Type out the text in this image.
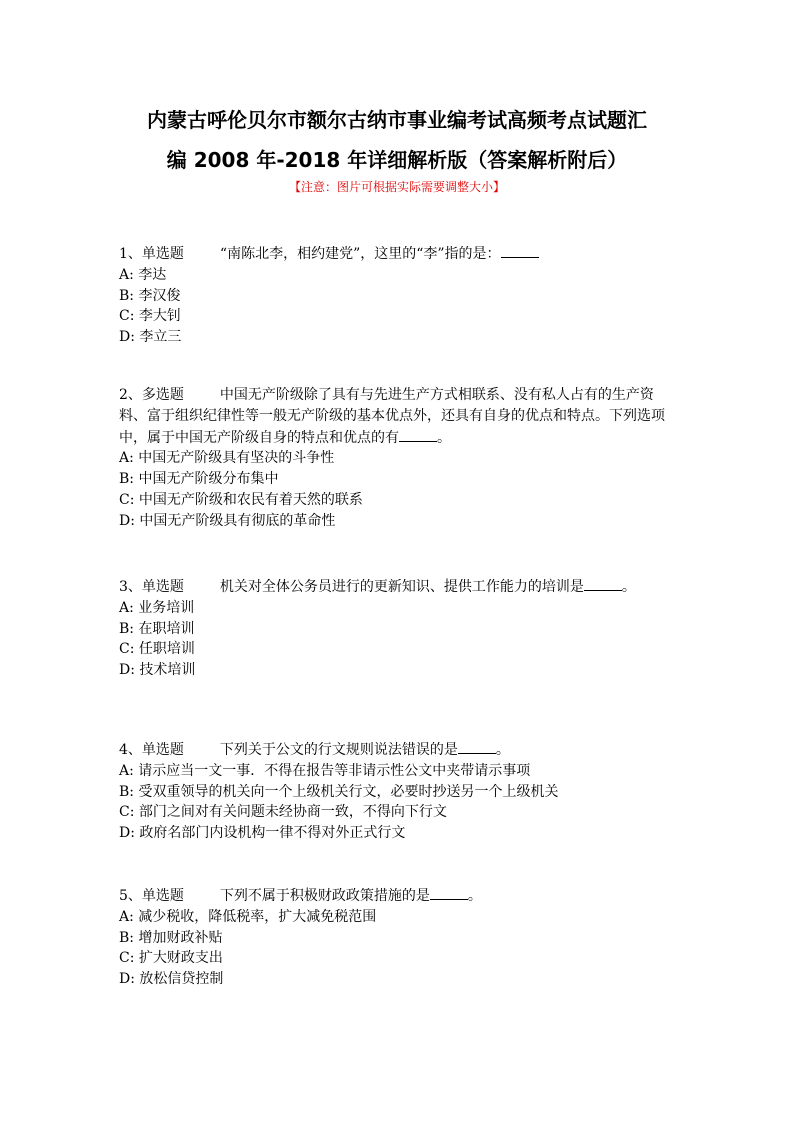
内蒙古呼伦贝尔市额尔古纳市事业编考试高频考点试题汇
编 2008 年-2018 年详细解析版（答案解析附后）
【注意：图片可根据实际需要调整大小】
1、单选题	“南陈北李，相约建党”，这里的“李”指的是：
A: 李达
B: 李汉俊
C: 李大钊
D: 李立三
2、多选题	中国无产阶级除了具有与先进生产方式相联系、没有私人占有的生产资料、富于组织纪律性等一般无产阶级的基本优点外，还具有自身的优点和特点。下列选项中，属于中国无产阶级自身的特点和优点的有	。
A: 中国无产阶级具有坚决的斗争性
B: 中国无产阶级分布集中
C: 中国无产阶级和农民有着天然的联系
D: 中国无产阶级具有彻底的革命性
3、单选题	机关对全体公务员进行的更新知识、提供工作能力的培训是	。
A: 业务培训
B: 在职培训
C: 任职培训
D: 技术培训
4、单选题	下列关于公文的行文规则说法错误的是	。
A: 请示应当一文一事．不得在报告等非请示性公文中夹带请示事项
B: 受双重领导的机关向一个上级机关行文，必要时抄送另一个上级机关
C: 部门之间对有关问题未经协商一致，不得向下行文
D: 政府名部门内设机构一律不得对外正式行文
5、单选题	下列不属于积极财政政策措施的是	。
A: 减少税收，降低税率，扩大减免税范围
B: 增加财政补贴
C: 扩大财政支出
D: 放松信贷控制
